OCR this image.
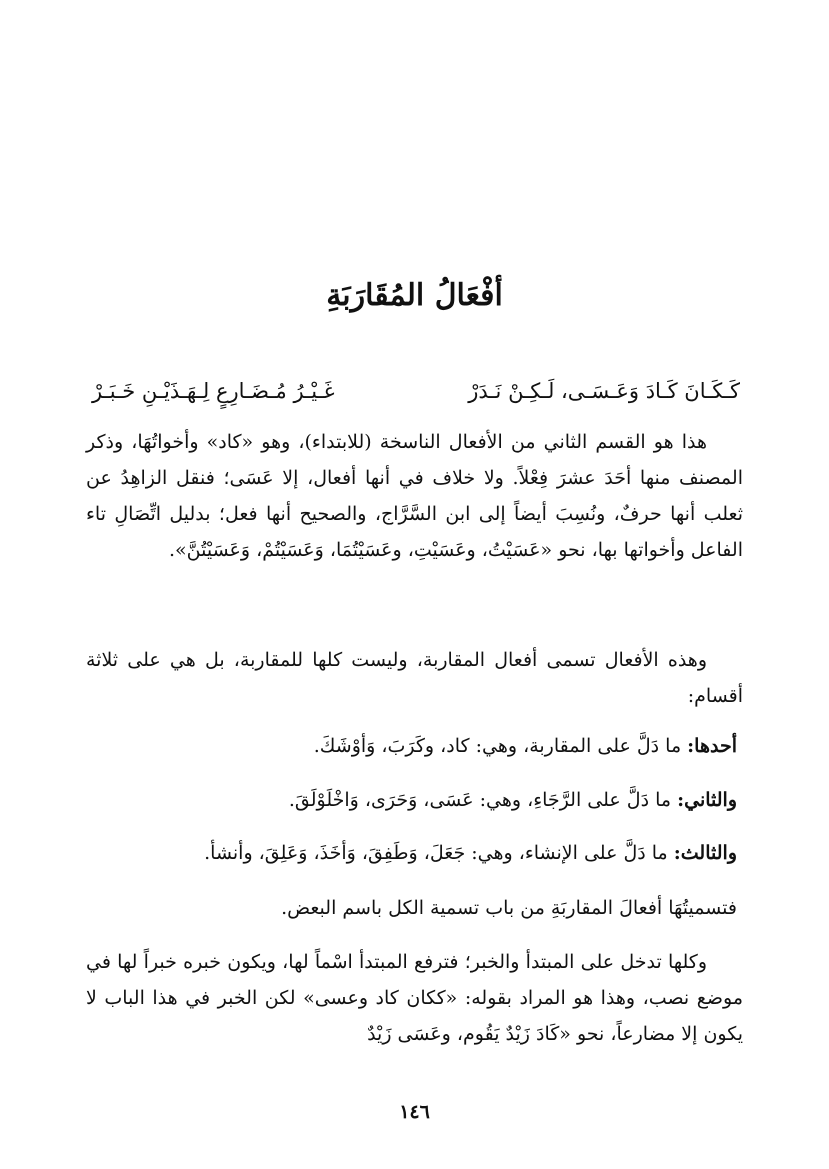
أفْعَالُ المُقَارَبَةِ
كَـكَـانَ كَـادَ وَعَـسَـى، لَـكِـنْ نَـدَرْ
غَـيْـرُ مُـضَـارِعٍ لِـهَـذَيْـنِ خَـبَـرْ

هذا هو القسم الثاني من الأفعال الناسخة (للابتداء)، وهو «كاد» وأخواتُهَا، وذكر المصنف منها أحَدَ عشرَ فِعْلاً. ولا خلاف في أنها أفعال، إلا عَسَى؛ فنقل الزاهِدُ عن ثعلب أنها حرفٌ، ونُسِبَ أيضاً إلى ابن السَّرَّاج، والصحيح أنها فعل؛ بدليل اتِّصَالِ تاء الفاعل وأخواتها بها، نحو «عَسَيْتُ، وعَسَيْتِ، وعَسَيْتُمَا، وَعَسَيْتُمْ، وَعَسَيْتُنَّ».

وهذه الأفعال تسمى أفعال المقاربة، وليست كلها للمقاربة، بل هي على ثلاثة أقسام:

أحدها: ما دَلَّ على المقاربة، وهي: كاد، وكَرَبَ، وَأوْشَكَ.

والثاني: ما دَلَّ على الرَّجَاءِ، وهي: عَسَى، وَحَرَى، وَاخْلَوْلَقَ.

والثالث: ما دَلَّ على الإنشاء، وهي: جَعَلَ، وَطَفِقَ، وَأخَذَ، وَعَلِقَ، وأنشأ.

فتسميتُهَا أفعالَ المقاربَةِ من باب تسمية الكل باسم البعض.

وكلها تدخل على المبتدأ والخبر؛ فترفع المبتدأ اسْماً لها، ويكون خبره خبراً لها في موضع نصب، وهذا هو المراد بقوله: «ككان كاد وعسى» لكن الخبر في هذا الباب لا يكون إلا مضارعاً، نحو «كَادَ زَيْدٌ يَقُوم، وعَسَى زَيْدٌ

١٤٦
